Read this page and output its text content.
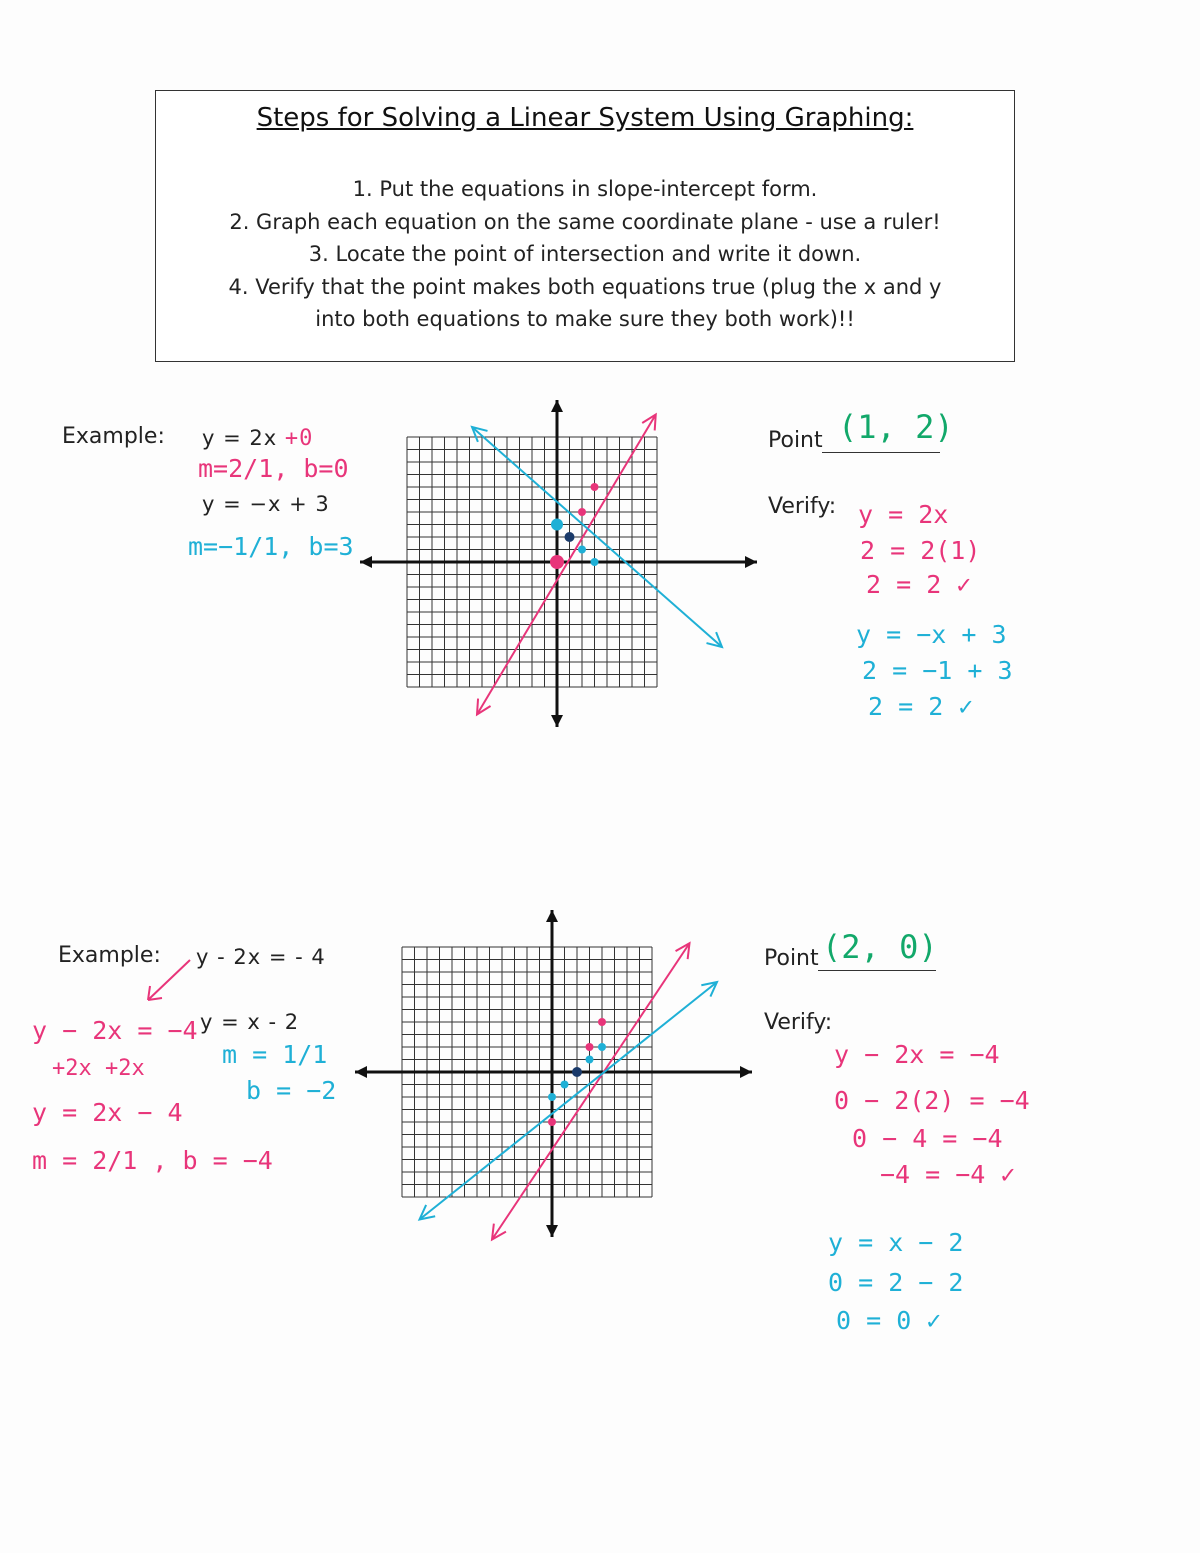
Steps for Solving a Linear System Using Graphing:
1. Put the equations in slope-intercept form.
2. Graph each equation on the same coordinate plane - use a ruler!
3. Locate the point of intersection and write it down.
4. Verify that the point makes both equations true (plug the x and y
into both equations to make sure they both work)!!
Example: y = 2x +0
m=2/1, b=0
y = −x + 3
m=−1/1, b=3
Point (1, 2)
Verify: y = 2x
2 = 2(1)
2 = 2 ✓
y = −x + 3
2 = −1 + 3
2 = 2 ✓
Example: y - 2x = - 4
y − 2x = −4
+2x +2x
y = 2x − 4
m = 2/1 , b = −4
y = x - 2
m = 1/1
b = −2
Point (2, 0)
Verify:
y − 2x = −4
0 − 2(2) = −4
0 − 4 = −4
−4 = −4 ✓
y = x − 2
0 = 2 − 2
0 = 0 ✓
